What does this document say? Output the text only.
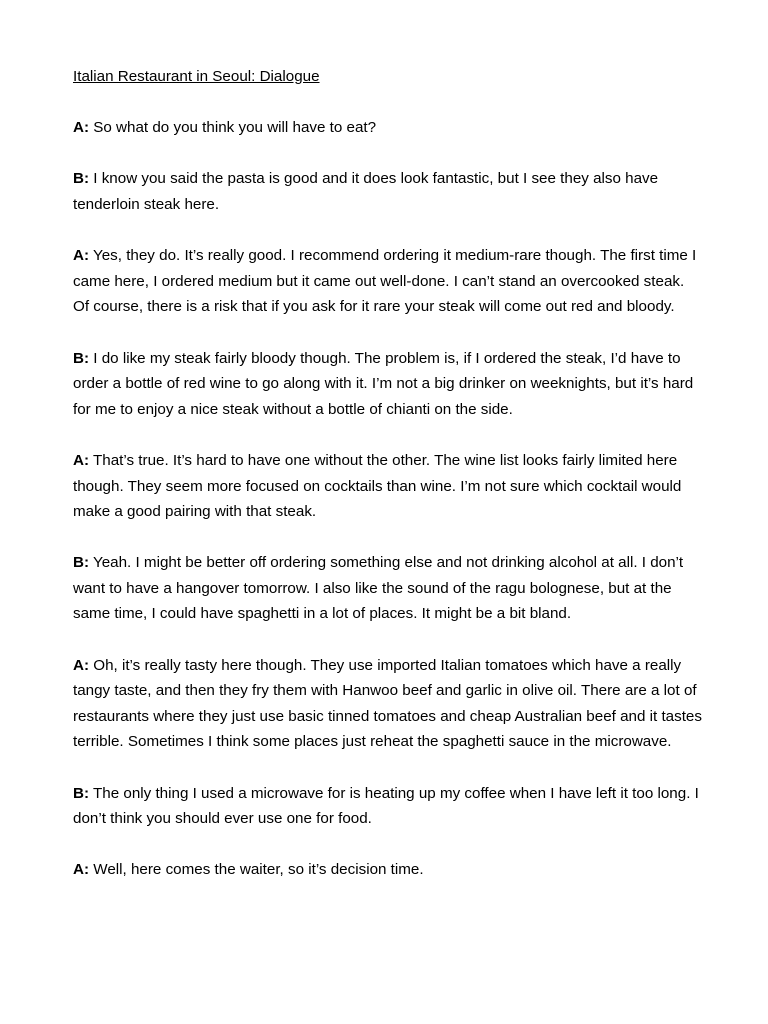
Italian Restaurant in Seoul: Dialogue

A: So what do you think you will have to eat?

B: I know you said the pasta is good and it does look fantastic, but I see they also have tenderloin steak here.

A: Yes, they do. It’s really good. I recommend ordering it medium-rare though. The first time I came here, I ordered medium but it came out well-done. I can’t stand an overcooked steak. Of course, there is a risk that if you ask for it rare your steak will come out red and bloody.

B: I do like my steak fairly bloody though. The problem is, if I ordered the steak, I’d have to order a bottle of red wine to go along with it. I’m not a big drinker on weeknights, but it’s hard for me to enjoy a nice steak without a bottle of chianti on the side.

A: That’s true. It’s hard to have one without the other. The wine list looks fairly limited here though. They seem more focused on cocktails than wine. I’m not sure which cocktail would make a good pairing with that steak.

B: Yeah. I might be better off ordering something else and not drinking alcohol at all. I don’t want to have a hangover tomorrow. I also like the sound of the ragu bolognese, but at the same time, I could have spaghetti in a lot of places. It might be a bit bland.

A: Oh, it’s really tasty here though. They use imported Italian tomatoes which have a really tangy taste, and then they fry them with Hanwoo beef and garlic in olive oil. There are a lot of restaurants where they just use basic tinned tomatoes and cheap Australian beef and it tastes terrible. Sometimes I think some places just reheat the spaghetti sauce in the microwave.

B: The only thing I used a microwave for is heating up my coffee when I have left it too long. I don’t think you should ever use one for food.

A: Well, here comes the waiter, so it’s decision time.
